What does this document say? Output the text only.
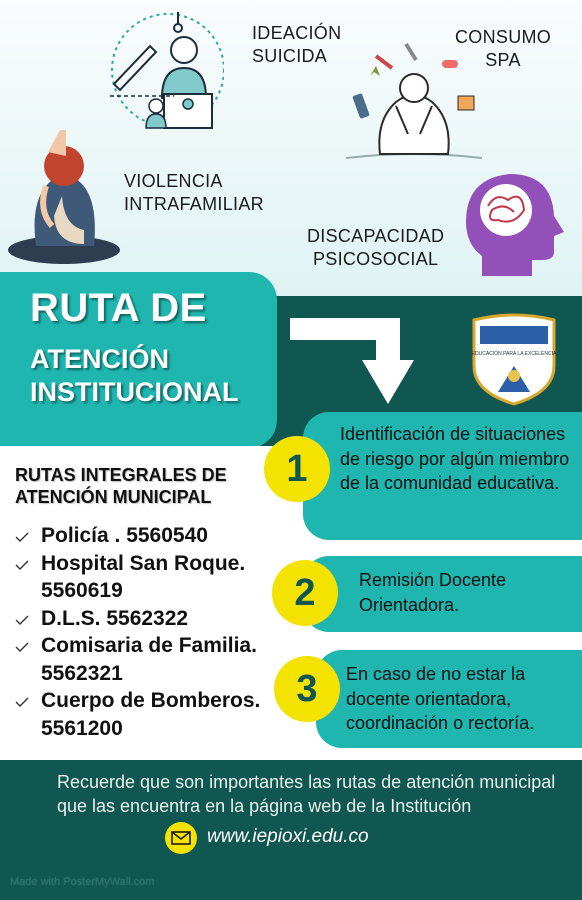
IDEACIÓN
SUICIDA
CONSUMO
SPA
VIOLENCIA
INTRAFAMILIAR
DISCAPACIDAD
PSICOSOCIAL
RUTA DE
ATENCIÓN
INSTITUCIONAL
EDUCACIÓN PARA LA EXCELENCIA
RUTAS INTEGRALES DE
ATENCIÓN MUNICIPAL
Policía . 5560540
Hospital San Roque. 5560619
D.L.S. 5562322
Comisaria de Familia. 5562321
Cuerpo de Bomberos. 5561200
Identificación de situaciones de riesgo por algún miembro de la comunidad educativa.
1
Remisión Docente Orientadora.
2
En caso de no estar la docente orientadora, coordinación o rectoría.
3
Recuerde que son importantes las rutas de atención municipal que las encuentra en la página web de la Institución
www.iepioxi.edu.co
Made with PosterMyWall.com
